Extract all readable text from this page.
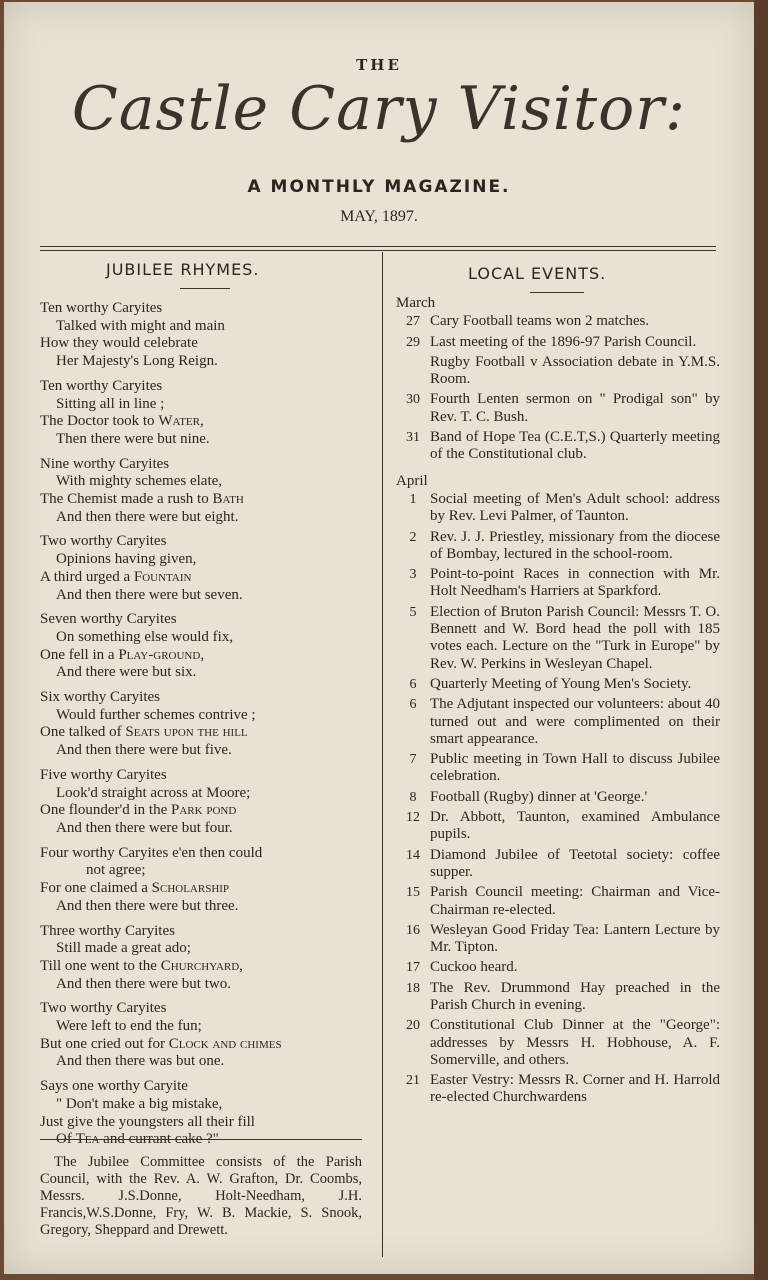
THE
Castle Cary Visitor:
A MONTHLY MAGAZINE.
MAY, 1897.
JUBILEE RHYMES.	LOCAL EVENTS.
Ten worthy Caryites
Talked with might and main
How they would celebrate
Her Majesty's Long Reign.
Ten worthy Caryites
Sitting all in line ;
The Doctor took to Water,
Then there were but nine.
Nine worthy Caryites
With mighty schemes elate,
The Chemist made a rush to Bath
And then there were but eight.
Two worthy Caryites
Opinions having given,
A third urged a Fountain
And then there were but seven.
Seven worthy Caryites
On something else would fix,
One fell in a Play-ground,
And there were but six.
Six worthy Caryites
Would further schemes contrive ;
One talked of Seats upon the hill
And then there were but five.
Five worthy Caryites
Look'd straight across at Moore;
One flounder'd in the Park pond
And then there were but four.
Four worthy Caryites e'en then could
not agree;
For one claimed a Scholarship
And then there were but three.
Three worthy Caryites
Still made a great ado;
Till one went to the Churchyard,
And then there were but two.
Two worthy Caryites
Were left to end the fun;
But one cried out for Clock and chimes
And then there was but one.
Says one worthy Caryite
" Don't make a big mistake,
Just give the youngsters all their fill
Of Tea and currant cake ?"
The Jubilee Committee consists of the Parish Council, with the Rev. A. W. Grafton, Dr. Coombs, Messrs. J.S.Donne, Holt-Needham, J.H. Francis,W.S.Donne, Fry, W. B. Mackie, S. Snook, Gregory, Sheppard and Drewett.
March
27 Cary Football teams won 2 matches.
29 Last meeting of the 1896-97 Parish Council.
Rugby Football v Association debate in Y.M.S. Room.
30 Fourth Lenten sermon on " Prodigal son" by Rev. T. C. Bush.
31 Band of Hope Tea (C.E.T,S.) Quarterly meeting of the Constitutional club.
April
1 Social meeting of Men's Adult school: address by Rev. Levi Palmer, of Taunton.
2 Rev. J. J. Priestley, missionary from the diocese of Bombay, lectured in the school-room.
3 Point-to-point Races in connection with Mr. Holt Needham's Harriers at Sparkford.
5 Election of Bruton Parish Council: Messrs T. O. Bennett and W. Bord head the poll with 185 votes each. Lecture on the "Turk in Europe" by Rev. W. Perkins in Wesleyan Chapel.
6 Quarterly Meeting of Young Men's Society.
6 The Adjutant inspected our volunteers: about 40 turned out and were complimented on their smart appearance.
7 Public meeting in Town Hall to discuss Jubilee celebration.
8 Football (Rugby) dinner at 'George.'
12 Dr. Abbott, Taunton, examined Ambulance pupils.
14 Diamond Jubilee of Teetotal society: coffee supper.
15 Parish Council meeting: Chairman and Vice-Chairman re-elected.
16 Wesleyan Good Friday Tea: Lantern Lecture by Mr. Tipton.
17 Cuckoo heard.
18 The Rev. Drummond Hay preached in the Parish Church in evening.
20 Constitutional Club Dinner at the "George": addresses by Messrs H. Hobhouse, A. F. Somerville, and others.
21 Easter Vestry: Messrs R. Corner and H. Harrold re-elected Churchwardens
